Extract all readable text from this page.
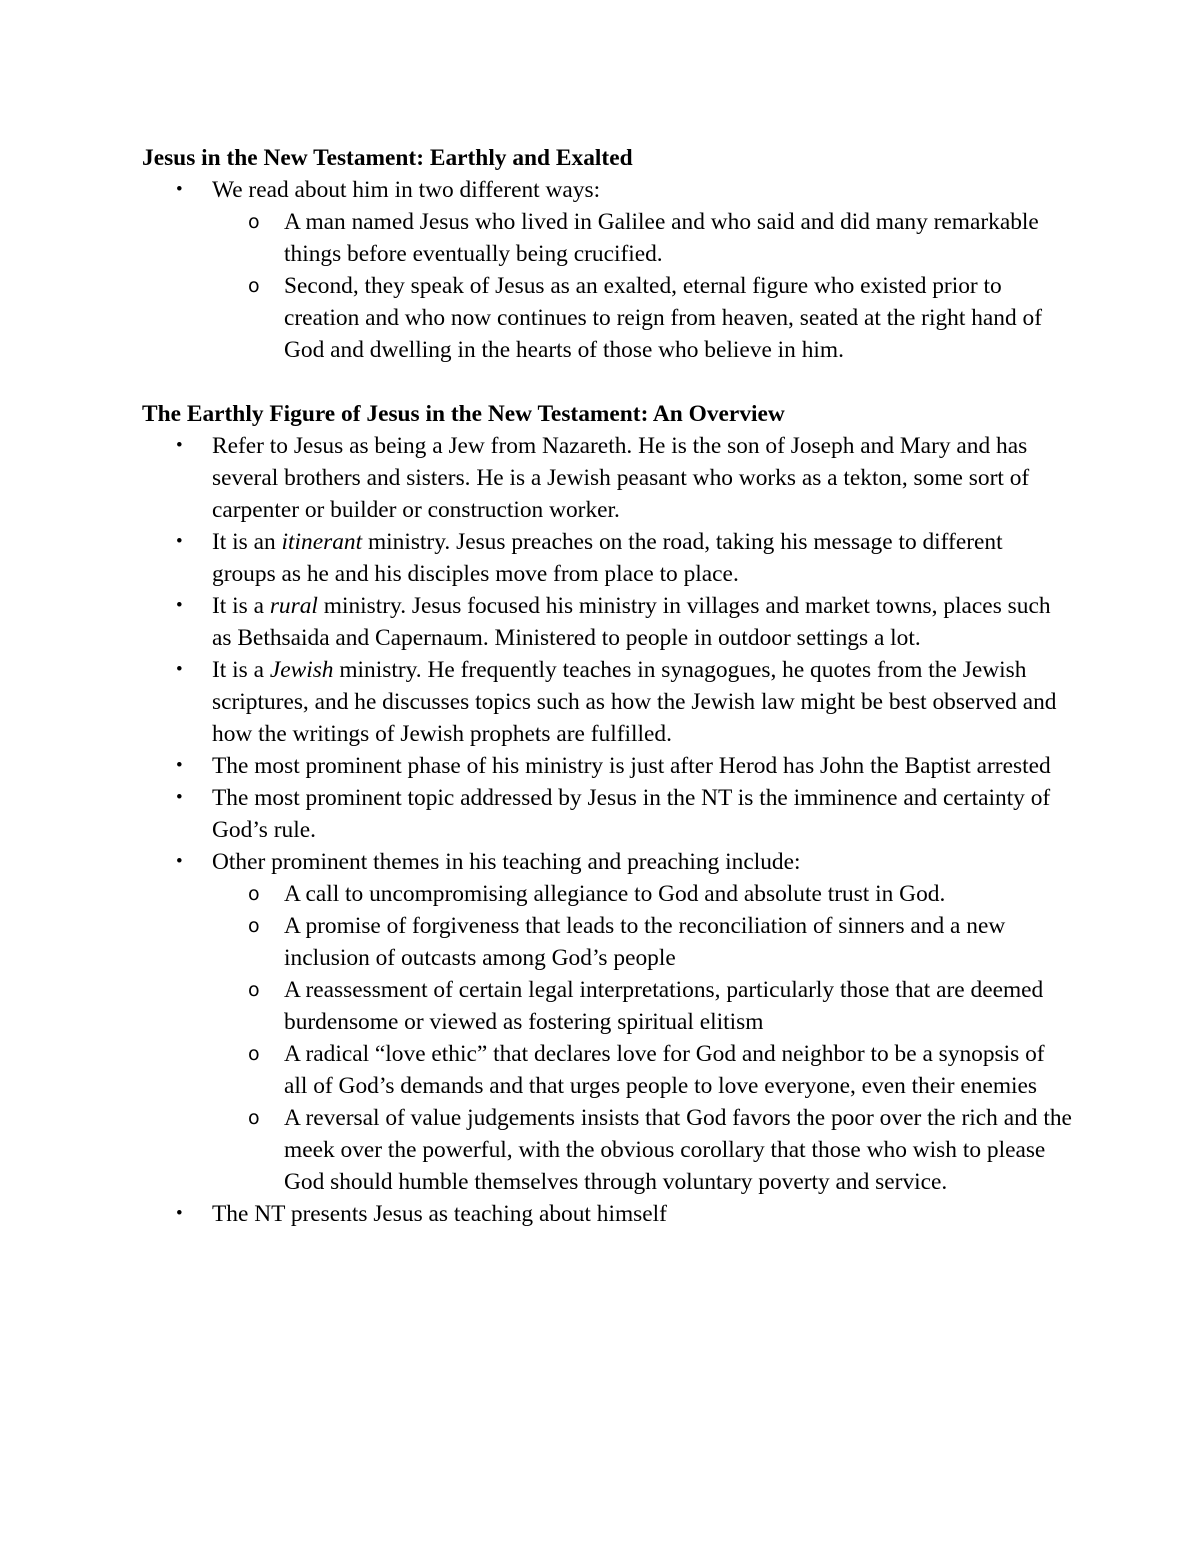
Jesus in the New Testament: Earthly and Exalted

•	We read about him in two different ways:
o	A man named Jesus who lived in Galilee and who said and did many remarkable things before eventually being crucified.
o	Second, they speak of Jesus as an exalted, eternal figure who existed prior to creation and who now continues to reign from heaven, seated at the right hand of God and dwelling in the hearts of those who believe in him.

The Earthly Figure of Jesus in the New Testament: An Overview

•	Refer to Jesus as being a Jew from Nazareth. He is the son of Joseph and Mary and has several brothers and sisters. He is a Jewish peasant who works as a tekton, some sort of carpenter or builder or construction worker.
•	It is an itinerant ministry. Jesus preaches on the road, taking his message to different groups as he and his disciples move from place to place.
•	It is a rural ministry. Jesus focused his ministry in villages and market towns, places such as Bethsaida and Capernaum. Ministered to people in outdoor settings a lot.
•	It is a Jewish ministry. He frequently teaches in synagogues, he quotes from the Jewish scriptures, and he discusses topics such as how the Jewish law might be best observed and how the writings of Jewish prophets are fulfilled.
•	The most prominent phase of his ministry is just after Herod has John the Baptist arrested
•	The most prominent topic addressed by Jesus in the NT is the imminence and certainty of God’s rule.
•	Other prominent themes in his teaching and preaching include:
o	A call to uncompromising allegiance to God and absolute trust in God.
o	A promise of forgiveness that leads to the reconciliation of sinners and a new inclusion of outcasts among God’s people
o	A reassessment of certain legal interpretations, particularly those that are deemed burdensome or viewed as fostering spiritual elitism
o	A radical “love ethic” that declares love for God and neighbor to be a synopsis of all of God’s demands and that urges people to love everyone, even their enemies
o	A reversal of value judgements insists that God favors the poor over the rich and the meek over the powerful, with the obvious corollary that those who wish to please God should humble themselves through voluntary poverty and service.
•	The NT presents Jesus as teaching about himself
